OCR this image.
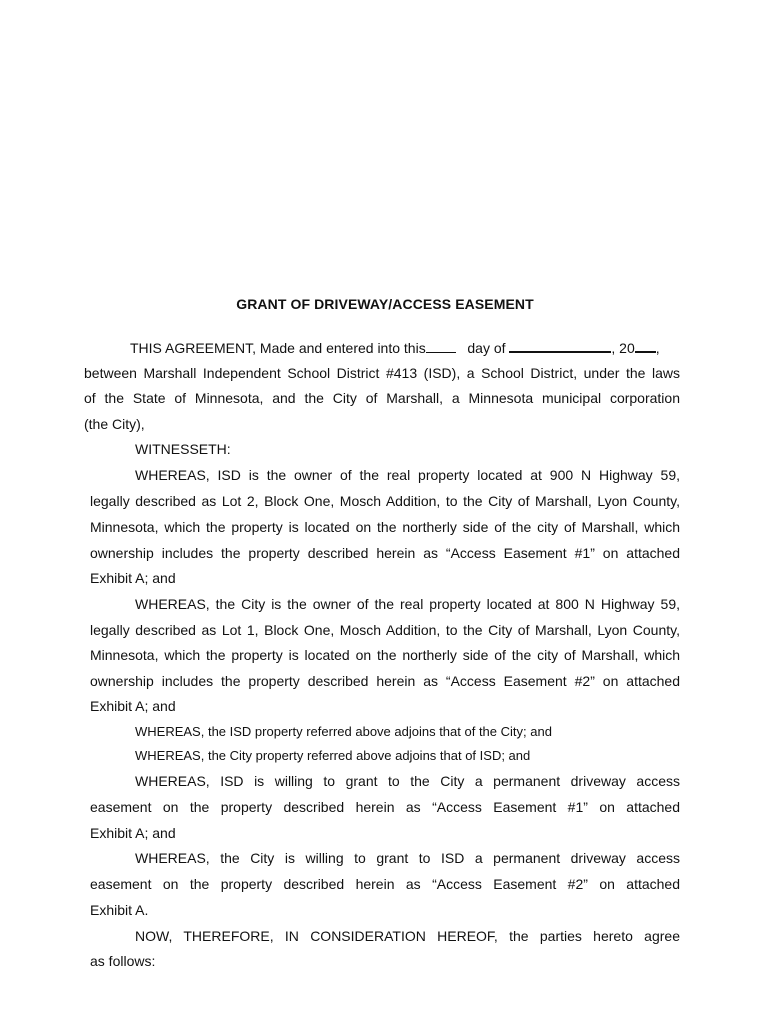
GRANT OF DRIVEWAY/ACCESS EASEMENT
THIS AGREEMENT, Made and entered into this	day of	, 20 ,
between Marshall Independent School District #413 (ISD), a School District, under the laws
of the State of Minnesota, and the City of Marshall, a Minnesota municipal corporation
(the City),
WITNESSETH:
WHEREAS, ISD is the owner of the real property located at 900 N Highway 59,
legally described as Lot 2, Block One, Mosch Addition, to the City of Marshall, Lyon County,
Minnesota, which the property is located on the northerly side of the city of Marshall, which
ownership includes the property described herein as “Access Easement #1” on attached
Exhibit A; and
WHEREAS, the City is the owner of the real property located at 800 N Highway 59,
legally described as Lot 1, Block One, Mosch Addition, to the City of Marshall, Lyon County,
Minnesota, which the property is located on the northerly side of the city of Marshall, which
ownership includes the property described herein as “Access Easement #2” on attached
Exhibit A; and
WHEREAS, the ISD property referred above adjoins that of the City; and
WHEREAS, the City property referred above adjoins that of ISD; and
WHEREAS, ISD is willing to grant to the City a permanent driveway access
easement on the property described herein as “Access Easement #1” on attached
Exhibit A; and
WHEREAS, the City is willing to grant to ISD a permanent driveway access
easement on the property described herein as “Access Easement #2” on attached
Exhibit A.
NOW, THEREFORE, IN CONSIDERATION HEREOF, the parties hereto agree
as follows:
